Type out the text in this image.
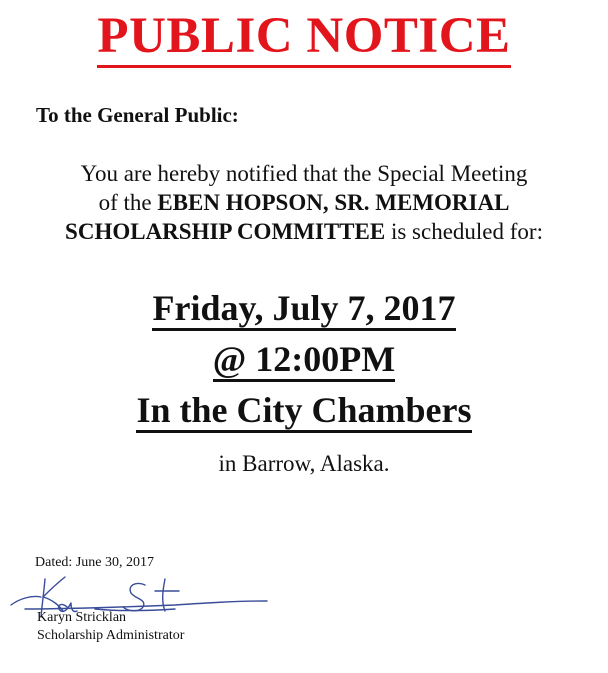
PUBLIC NOTICE
To the General Public:
You are hereby notified that the Special Meeting
of the EBEN HOPSON, SR. MEMORIAL
SCHOLARSHIP COMMITTEE is scheduled for:
Friday, July 7, 2017
@ 12:00PM
In the City Chambers
in Barrow, Alaska.
Dated: June 30, 2017
Karyn Stricklan
Scholarship Administrator
